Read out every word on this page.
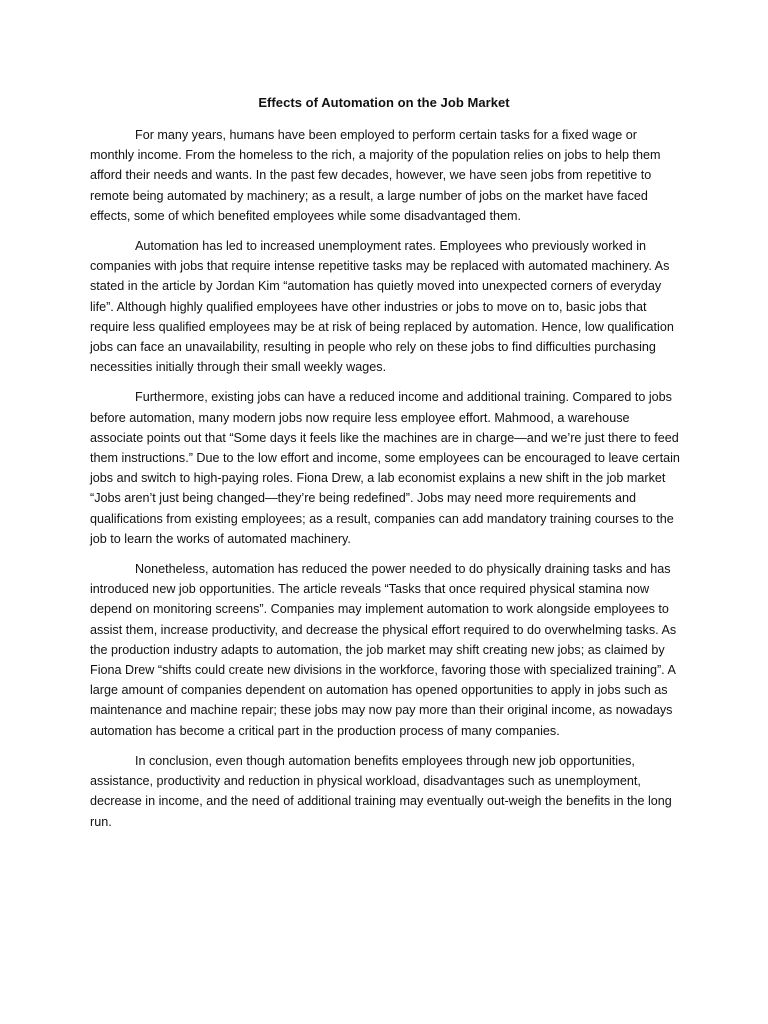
Effects of Automation on the Job Market

For many years, humans have been employed to perform certain tasks for a fixed wage or monthly income. From the homeless to the rich, a majority of the population relies on jobs to help them afford their needs and wants. In the past few decades, however, we have seen jobs from repetitive to remote being automated by machinery; as a result, a large number of jobs on the market have faced effects, some of which benefited employees while some disadvantaged them.

Automation has led to increased unemployment rates. Employees who previously worked in companies with jobs that require intense repetitive tasks may be replaced with automated machinery. As stated in the article by Jordan Kim “automation has quietly moved into unexpected corners of everyday life”. Although highly qualified employees have other industries or jobs to move on to, basic jobs that require less qualified employees may be at risk of being replaced by automation. Hence, low qualification jobs can face an unavailability, resulting in people who rely on these jobs to find difficulties purchasing necessities initially through their small weekly wages.

Furthermore, existing jobs can have a reduced income and additional training. Compared to jobs before automation, many modern jobs now require less employee effort. Mahmood, a warehouse associate points out that “Some days it feels like the machines are in charge—and we’re just there to feed them instructions.” Due to the low effort and income, some employees can be encouraged to leave certain jobs and switch to high-paying roles. Fiona Drew, a lab economist explains a new shift in the job market “Jobs aren’t just being changed—they’re being redefined”. Jobs may need more requirements and qualifications from existing employees; as a result, companies can add mandatory training courses to the job to learn the works of automated machinery.

Nonetheless, automation has reduced the power needed to do physically draining tasks and has introduced new job opportunities. The article reveals “Tasks that once required physical stamina now depend on monitoring screens”. Companies may implement automation to work alongside employees to assist them, increase productivity, and decrease the physical effort required to do overwhelming tasks. As the production industry adapts to automation, the job market may shift creating new jobs; as claimed by Fiona Drew “shifts could create new divisions in the workforce, favoring those with specialized training”. A large amount of companies dependent on automation has opened opportunities to apply in jobs such as maintenance and machine repair; these jobs may now pay more than their original income, as nowadays automation has become a critical part in the production process of many companies.

In conclusion, even though automation benefits employees through new job opportunities, assistance, productivity and reduction in physical workload, disadvantages such as unemployment, decrease in income, and the need of additional training may eventually out-weigh the benefits in the long run.
